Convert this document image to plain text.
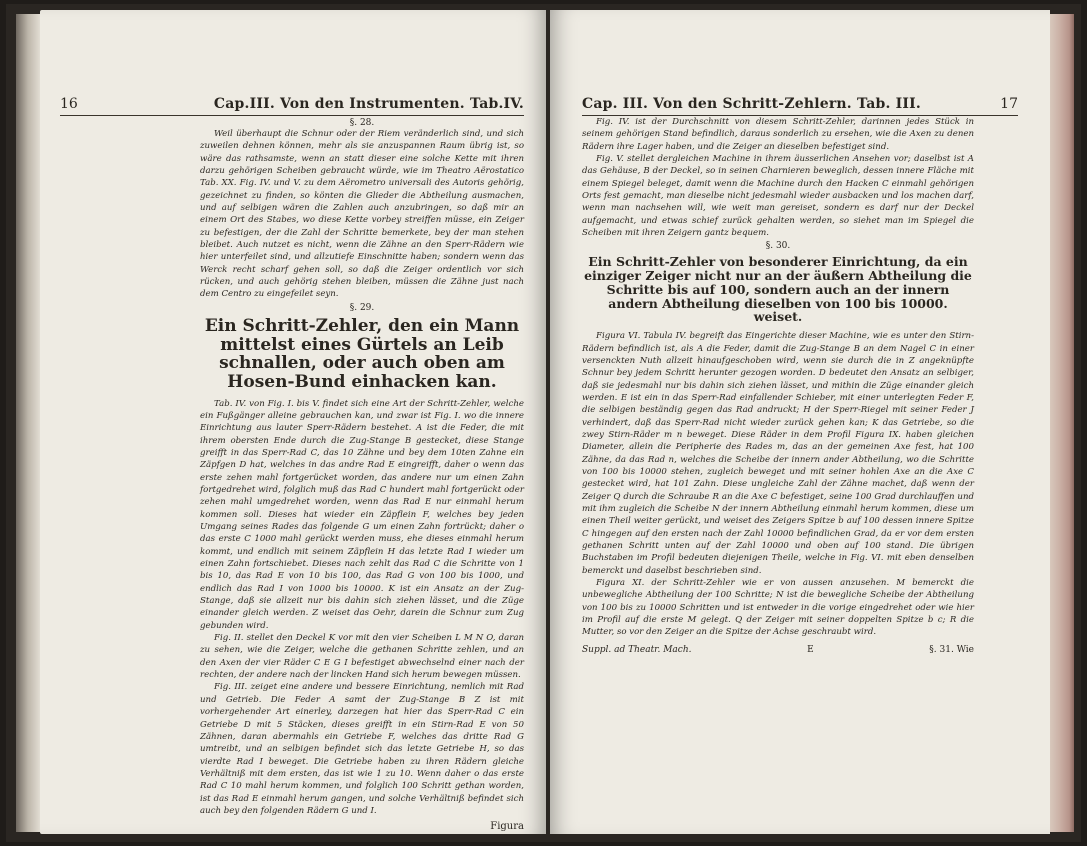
16	Cap.III. Von den Instrumenten. Tab.IV.
§. 28.

Weil überhaupt die Schnur oder der Riem veränderlich sind, und sich zuweilen dehnen können, mehr als sie anzuspannen Raum übrig ist, so wäre das rathsamste, wenn an statt dieser eine solche Kette mit ihren darzu gehörigen Scheiben gebraucht würde, wie im Theatro Aërostatico Tab. XX. Fig. IV. und V. zu dem Aërometro universali des Autoris gehörig, gezeichnet zu finden, so könten die Glieder die Abtheilung ausmachen, und auf selbigen wären die Zahlen auch anzubringen, so daß mir an einem Ort des Stabes, wo diese Kette vorbey streiffen müsse, ein Zeiger zu befestigen, der die Zahl der Schritte bemerkete, bey der man stehen bleibet. Auch nutzet es nicht, wenn die Zähne an den Sperr-Rädern wie hier unterfeilet sind, und allzutiefe Einschnitte haben; sondern wenn das Werck recht scharf gehen soll, so daß die Zeiger ordentlich vor sich rücken, und auch gehörig stehen bleiben, müssen die Zähne just nach dem Centro zu eingefeilet seyn.

§. 29.
Ein Schritt-Zehler, den ein Mann mittelst eines Gürtels an Leib schnallen, oder auch oben am Hosen-Bund einhacken kan.

Tab. IV. von Fig. I. bis V. findet sich eine Art der Schritt-Zehler, welche ein Fußgänger alleine gebrauchen kan, und zwar ist Fig. I. wo die innere Einrichtung aus lauter Sperr-Rädern bestehet. A ist die Feder, die mit ihrem obersten Ende durch die Zug-Stange B gestecket, diese Stange greifft in das Sperr-Rad C, das 10 Zähne und bey dem 10ten Zahne ein Zäpfgen D hat, welches in das andre Rad E eingreifft, daher o wenn das erste zehen mahl fortgerücket worden, das andere nur um einen Zahn fortgedrehet wird, folglich muß das Rad C hundert mahl fortgerückt oder zehen mahl umgedrehet worden, wenn das Rad E nur einmahl herum kommen soll. Dieses hat wieder ein Zäpflein F, welches bey jeden Umgang seines Rades das folgende G um einen Zahn fortrückt; daher o das erste C 1000 mahl gerückt werden muss, ehe dieses einmahl herum kommt, und endlich mit seinem Zäpflein H das letzte Rad I wieder um einen Zahn fortschiebet. Dieses nach zehlt das Rad C die Schritte von 1 bis 10, das Rad E von 10 bis 100, das Rad G von 100 bis 1000, und endlich das Rad I von 1000 bis 10000. K ist ein Ansatz an der Zug-Stange, daß sie allzeit nur bis dahin sich ziehen lässet, und die Züge einander gleich werden. Z weiset das Oehr, darein die Schnur zum Zug gebunden wird.

Fig. II. stellet den Deckel K vor mit den vier Scheiben L M N O, daran zu sehen, wie die Zeiger, welche die gethanen Schritte zehlen, und an den Axen der vier Räder C E G I befestiget abwechselnd einer nach der rechten, der andere nach der lincken Hand sich herum bewegen müssen.

Fig. III. zeiget eine andere und bessere Einrichtung, nemlich mit Rad und Getrieb. Die Feder A samt der Zug-Stange B Z ist mit vorhergehender Art einerley, darzegen hat hier das Sperr-Rad C ein Getriebe D mit 5 Stäcken, dieses greifft in ein Stirn-Rad E von 50 Zähnen, daran abermahls ein Getriebe F, welches das dritte Rad G umtreibt, und an selbigen befindet sich das letzte Getriebe H, so das vierdte Rad I beweget. Die Getriebe haben zu ihren Rädern gleiche Verhältniß mit dem ersten, das ist wie 1 zu 10. Wenn daher o das erste Rad C 10 mahl herum kommen, und folglich 100 Schritt gethan worden, ist das Rad E einmahl herum gangen, und solche Verhältniß befindet sich auch bey den folgenden Rädern G und I.

Figura
Cap. III. Von den Schritt-Zehlern. Tab. III.	17

Fig. IV. ist der Durchschnitt von diesem Schritt-Zehler, darinnen jedes Stück in seinem gehörigen Stand befindlich, daraus sonderlich zu ersehen, wie die Axen zu denen Rädern ihre Lager haben, und die Zeiger an dieselben befestiget sind.

Fig. V. stellet dergleichen Machine in ihrem äusserlichen Ansehen vor; daselbst ist A das Gehäuse, B der Deckel, so in seinen Charnieren beweglich, dessen innere Fläche mit einem Spiegel beleget, damit wenn die Machine durch den Hacken C einmahl gehörigen Orts fest gemacht, man dieselbe nicht jedesmahl wieder ausbacken und los machen darf, wenn man nachsehen will, wie weit man gereiset, sondern es darf nur der Deckel aufgemacht, und etwas schief zurück gehalten werden, so siehet man im Spiegel die Scheiben mit ihren Zeigern gantz bequem.

§. 30.
Ein Schritt-Zehler von besonderer Einrichtung, da ein einziger Zeiger nicht nur an der äußern Abtheilung die Schritte bis auf 100, sondern auch an der innern andern Abtheilung dieselben von 100 bis 10000. weiset.

Figura VI. Tabula IV. begreift das Eingerichte dieser Machine, wie es unter den Stirn-Rädern befindlich ist, als A die Feder, damit die Zug-Stange B an dem Nagel C in einer versenckten Nuth allzeit hinaufgeschoben wird, wenn sie durch die in Z angeknüpfte Schnur bey jedem Schritt herunter gezogen worden. D bedeutet den Ansatz an selbiger, daß sie jedesmahl nur bis dahin sich ziehen lässet, und mithin die Züge einander gleich werden. E ist ein in das Sperr-Rad einfallender Schieber, mit einer unterlegten Feder F, die selbigen beständig gegen das Rad andruckt; H der Sperr-Riegel mit seiner Feder J verhindert, daß das Sperr-Rad nicht wieder zurück gehen kan; K das Getriebe, so die zwey Stirn-Räder m n beweget. Diese Räder in dem Profil Figura IX. haben gleichen Diameter, allein die Peripherie des Rades m, das an der gemeinen Axe fest, hat 100 Zähne, da das Rad n, welches die Scheibe der innern ander Abtheilung, wo die Schritte von 100 bis 10000 stehen, zugleich beweget und mit seiner hohlen Axe an die Axe C gestecket wird, hat 101 Zahn. Diese ungleiche Zahl der Zähne machet, daß wenn der Zeiger Q durch die Schraube R an die Axe C befestiget, seine 100 Grad durchlauffen und mit ihm zugleich die Scheibe N der innern Abtheilung einmahl herum kommen, diese um einen Theil weiter gerückt, und weiset des Zeigers Spitze b auf 100 dessen innere Spitze C hingegen auf den ersten nach der Zahl 10000 befindlichen Grad, da er vor dem ersten gethanen Schritt unten auf der Zahl 10000 und oben auf 100 stand. Die übrigen Buchstaben im Profil bedeuten diejenigen Theile, welche in Fig. VI. mit eben denselben bemerckt und daselbst beschrieben sind.

Figura XI. der Schritt-Zehler wie er von aussen anzusehen. M bemerckt die unbewegliche Abtheilung der 100 Schritte; N ist die bewegliche Scheibe der Abtheilung von 100 bis zu 10000 Schritten und ist entweder in die vorige eingedrehet oder wie hier im Profil auf die erste M gelegt. Q der Zeiger mit seiner doppelten Spitze b c; R die Mutter, so vor den Zeiger an die Spitze der Achse geschraubt wird.

Suppl. ad Theatr. Mach.	E	§. 31. Wie
